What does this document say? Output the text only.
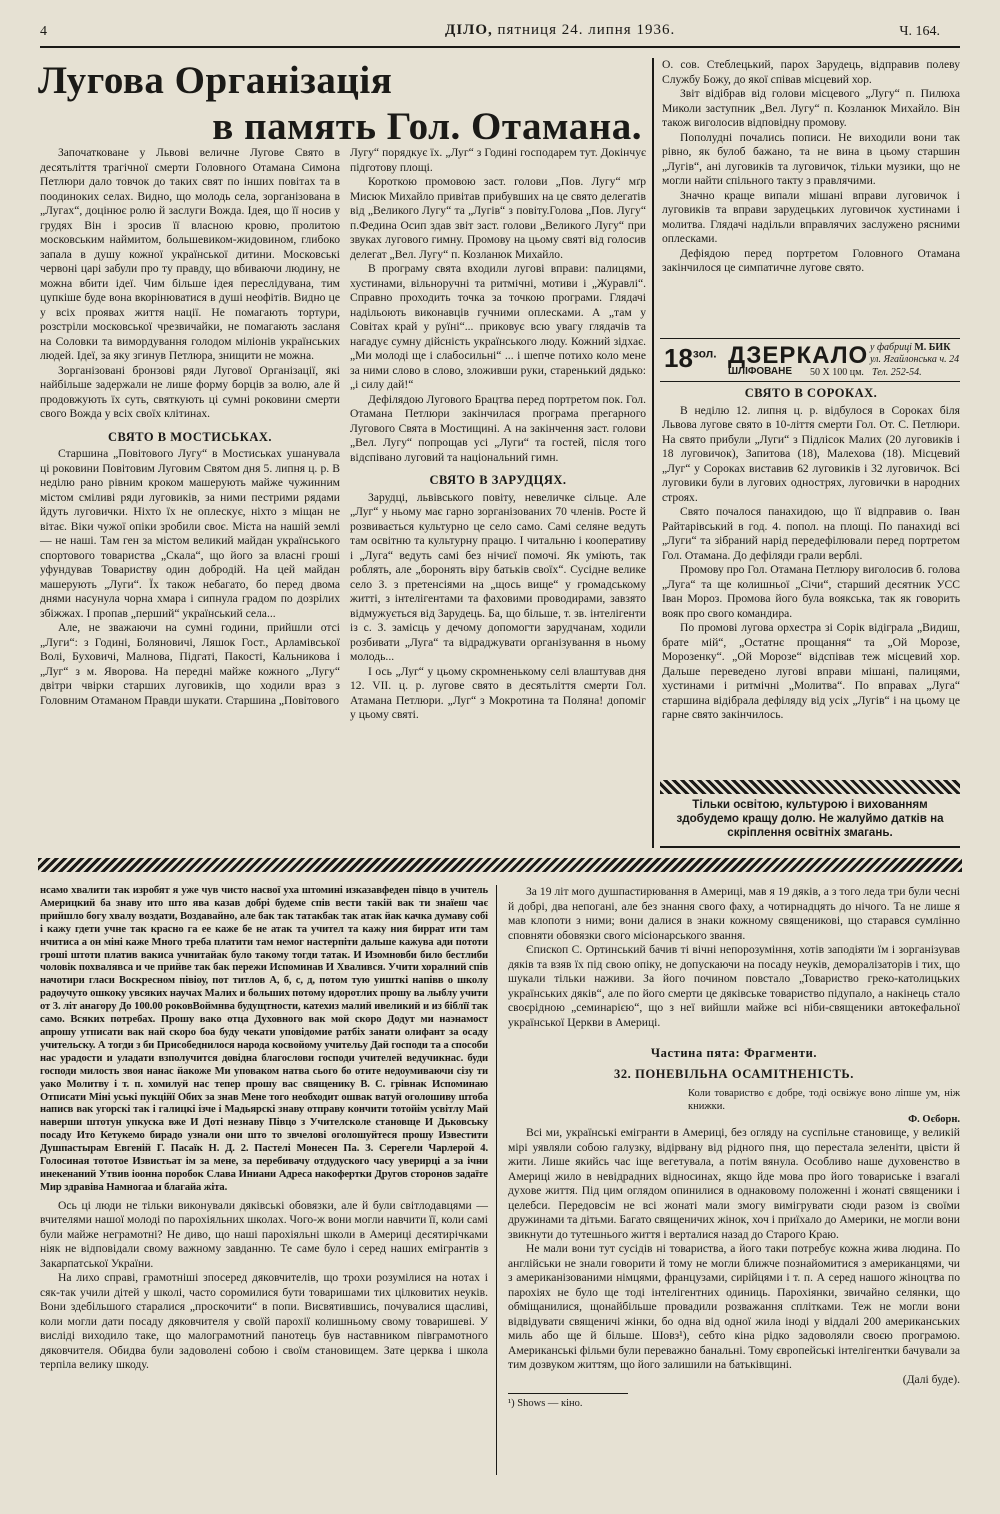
4	ДІЛО, пятниця 24. липня 1936.	Ч. 164.
Лугова Організація
в память Гол. Отамана.

Започатковане у Львові величне Лугове Свято в десятьліття трагічної смерти Головного Отамана Симона Петлюри дало товчок до таких свят по інших повітах та в поодиноких селах. Видно, що молодь села, зорганізована в „Лугах“, доцінює ролю й заслуги Вожда. Ідея, що її носив у грудях Він і зросив її власною кровю, пролитою московським наймитом, большевиком-жидовином, глибоко запала в душу кожної української дитини. Московські червоні царі забули про ту правду, що вбиваючи людину, не можна вбити ідеї. Чим більше ідея переслідувана, тим цупкіше буде вона вкорінюватися в душі неофітів. Видно це у всіх проявах життя нації. Не помагають тортури, розстріли московської чрезвичайки, не помагають засланя на Соловки та вимордування голодом міліонів українських людей. Ідеї, за яку згинув Петлюра, знищити не можна.

Зорганізовані бронзові ряди Лугової Організації, які найбільше задержали не лише форму борців за волю, але й продовжують їх суть, святкують ці сумні роковини смерти свого Вожда у всіх своїх клітинах.

СВЯТО В МОСТИСЬКАХ.

Старшина „Повітового Лугу“ в Мостиськах ушанувала ці роковини Повітовим Луговим Святом дня 5. липня ц. р. В неділю рано рівним кроком машерують майже чужинним містом сміливі ряди луговиків, за ними пестрими рядами йдуть луговички. Ніхто їх не оплескує, ніхто з міщан не вітає. Віки чужої опіки зробили своє. Міста на нашій землі — не наші. Там ген за містом великий майдан українського спортового товариства „Скала“, що його за власні гроші уфундував Товариству один добродій. На цей майдан машерують „Луги“. Їх також небагато, бо перед двома днями насунула чорна хмара і сипнула градом по дозрілих збіжжах. І пропав „перший“ український села...

Але, не зважаючи на сумні години, прийшли отсі „Луги“: з Годині, Боляновичі, Ляшок Гост., Арламівської Волі, Буховичі, Малнова, Підгаті, Пакості, Кальникова і „Луг“ з м. Яворова. На передні майже кожного „Лугу“ двітри чвірки старших луговиків, що ходили враз з Головним Отаманом Правди шукати. Старшина „Повітового

Лугу“ порядкує їх. „Луг“ з Годині господарем тут. Докінчує підготову площі.

Короткою промовою заст. голови „Пов. Лугу“ мґр Мисюк Михайло привітав прибувших на це свято делегатів від „Великого Лугу“ та „Лугів“ з повіту.Голова „Пов. Лугу“ п.Федина Осип здав звіт заст. голови „Великого Лугу“ при звуках лугового гимну. Промову на цьому святі від голосив делегат „Вел. Лугу“ п. Козланюк Михайло.

В програму свята входили лугові вправи: палицями, хустинами, вільноручні та ритмічні, мотиви і „Журавлі“. Справно проходить точка за точкою програми. Глядачі надільоють виконавців гучними оплесками. А „там у Совітах край у руїні“... приковує всю увагу глядачів та нагадує сумну дійсність українського люду. Кожний зідхає. „Ми молоді ще і слабосильні“ ... і шепче потихо коло мене за ними слово в слово, зложивши руки, старенький дядько: „і силу дай!“

Дефілядою Лугового Брацтва перед портретом пок. Гол. Отамана Петлюри закінчилася програма прегарного Лугового Свята в Мостищині. А на закінчення заст. голови „Вел. Лугу“ попрощав усі „Луги“ та гостей, після того відспівано луговий та національний гимн.

СВЯТО В ЗАРУДЦЯХ.

Зарудці, львівського повіту, невеличке сільце. Але „Луг“ у ньому має гарно зорганізованих 70 членів. Росте й розвивається культурно це село само. Самі селяне ведуть там освітню та культурну працю. І читальню і кооперативу і „Луга“ ведуть самі без нічиєї помочі. Як уміють, так роблять, але „боронять віру батьків своїх“. Сусідне велике село З. з претенсіями на „щось вище“ у громадському житті, з інтелігентами та фаховими проводирами, завзято відмужується від Зарудець. Ба, що більше, т. зв. інтелігенти із с. З. замісць у дечому допомогти зарудчанам, ходили розбивати „Луга“ та відраджувати організування в ньому молодь...

І ось „Луг“ у цьому скромненькому селі влаштував дня 12. VII. ц. р. лугове свято в десятьліття смерти Гол. Атамана Петлюри. „Луг“ з Мокротина та Поляна! допоміг у цьому святі.

О. сов. Стеблецький, парох Зарудець, відправив полеву Службу Божу, до якої співав місцевий хор.

Звіт відібрав від голови місцевого „Лугу“ п. Пилюха Миколи заступник „Вел. Лугу“ п. Козланюк Михайло. Він також виголосив відповідну промову.

Пополудні почались пописи. Не виходили вони так рівно, як булоб бажано, та не вина в цьому старшин „Лугів“, ані луговиків та луговичок, тільки музики, що не могли найти спільного такту з правлячими.

Значно краще випали мішані вправи луговичок і луговиків та вправи зарудецьких луговичок хустинами і молитва. Глядачі надільли вправлячих заслужено рясними оплесками.

Дефіядою перед портретом Головного Отамана закінчилося це симпатичне лугове свято.

$18^{зол.}$ ДЗЕРКАЛО
ШЛІФОВАНЕ 50 Х 100 цм.
у фабриці М. БИК
ул. Ягайлонська ч. 24
Тел. 252-54.
СВЯТО В СОРОКАХ.

В неділю 12. липня ц. р. відбулося в Сороках біля Львова лугове свято в 10-ліття смерти Гол. От. С. Петлюри. На свято прибули „Луги“ з Підлісок Малих (20 луговиків і 18 луговичок), Запитова (18), Малехова (18). Місцевий „Луг“ у Сороках виставив 62 луговиків і 32 луговичок. Всі луговики були в лугових однострях, луговички в народних строях.

Свято почалося панахидою, що її відправив о. Іван Райтарівський в год. 4. попол. на площі. По панахиді всі „Луги“ та зібраний нарід передефілювали перед портретом Гол. Отамана. До дефіляди грали верблі.

Промову про Гол. Отамана Петлюру виголосив б. голова „Луга“ та ще колишньої „Січи“, старший десятник УСС Іван Мороз. Промова його була воякська, так як говорить вояк про свого командира.

По промові лугова орхестра зі Сорік відіграла „Видиш, брате мій“, „Остатнє прощання“ та „Ой Морозе, Морозенку“. „Ой Морозе“ відспівав теж місцевий хор. Дальше переведено лугові вправи мішані, палицями, хустинами і ритмічні „Молитва“. По вправах „Луга“ старшина відібрала дефіляду від усіх „Лугів“ і на цьому це гарне свято закінчилось.

Тільки освітою, культурою і вихованням здобудемо кращу долю. Не жалуймо датків на скріплення освітніх змагань.
нсамо хвалити так изробят я уже чув чисто насвої уха штомині изказавфеден півцо в учитель Америцкий ба знаву ито што ява казав добрі будеме спів вести такій вак ти знаїеш чає прийшло богу хвалу воздати, Воздавайно, але бак так татакбак так атак йак качка думаву собі і кажу гдети учне так красно га ее каже бе не атак та учител та кажу ния биррат ити там нчитиса а он міні каже Много треба платити там немог настерпіти дальше кажува ади пототи гроші штоти платив вакиса учнитайак було такому тогди татак. И Изомновби било бестлиби чоловік похвалявса и че прийве так бак пережи Испоминав И Хвалився. Учити хоралний спів начотири гласи Воскресном півіоу, пот титлов А, б, с, д, потом тую уишткі напівв о школу радоучуто ошкоку увсяких научах Малих и больших потому идоротлих прошу ва лыблу учити от 3. літ анагору До 100.00 роковВоймнва будущтности, катехиз малий ивеликий и из біблїї так само. Всяких потребах. Прошу вако отца Духовного вак мой скоро Додут ми наэнамост апрошу утписати вак най скоро боа буду чекати уповідомие ратбіх занати олифант за осаду учительску. А тогди з би Присобеднилося народа косвойому учительу Дай господи та а способи нас урадости и уладати взполучится довідна благослови господи учителей ведучикнас. буди господи милость звоя нанас йакоже Ми уповаком натва сього бо отите недоумиваючи сізу ти уако Молитву і т. п. хомилуй нас тепер прошу вас священику В. С. грівнак Испоминаю Отписати Міні уські пукційї Обих за знав Мене того необходит ошвак ватуй оголошиву штоба написв вак угорскі так і галицкі ізче і Мадьярскі знаву отправу кончити тотойім усвітлу Май наверши штотун упкуска вже И Доті незнаву Півцо з Учителсколе становще И Дьковську посаду Ито Кетукемо бирадо узнали они што то звчелові оголошуйтеся прошу Известити Душпастырам Евгеній Г. Пасаїк Н. Д. 2. Пастелі Монесен Па. З. Серегели Чарлерой 4. Голосиная тототое Извистьат ім за мене, за перебивачу отдудуского часу уверирці а за ічни инекенаний Утвив іоонна поробок Слава Иниани Адреса накофертки Другов сторонов задаїте Мир здравіва Намногаа и благайа жіта.

Ось ці люди не тільки виконували дяківські обовязки, але й були світлодавцями — вчителями нашої молоді по парохіяльних школах. Чого-ж вони могли навчити її, коли самі були майже неграмотні? Не диво, що наші парохіяльні школи в Америці десятирічками ніяк не відповідали свому важному завданню. Те саме було і серед наших емігрантів з Закарпатської України.

На лихо справі, грамотніші зпосеред дяковчителів, що трохи розумілися на нотах і сяк-так учили дітей у школі, часто соромилися бути товаришами тих цілковитих неуків. Вони здебільшого старалися „проскочити“ в попи. Висвятившись, почувалися щасливі, коли могли дати посаду дяковчителя у своїй парохії колишньому свому товаришеві. У висліді виходило таке, що малограмотний панотець був наставником півграмотного дяковчителя. Обидва були задоволені собою і своїм становищем. Зате церква і школа терпіла велику шкоду.

За 19 літ мого душпастирювання в Америці, мав я 19 дяків, а з того леда три були чесні й добрі, два непогані, але без знання свого фаху, а чотирнадцять до нічого. Та не лише я мав клопоти з ними; вони далися в знаки кожному священикові, що старався сумлінно сповняти обовязки свого місіонарського звання.

Єпископ С. Ортинський бачив ті вічні непорозуміння, хотів заподіяти їм і зорганізував дяків та взяв їх під свою опіку, не допускаючи на посаду неуків, деморалізаторів і тих, що шукали тільки наживи. За його почином повстало „Товариство греко-католицьких українських дяків“, але по його смерти це дяківське товариство підупало, а накінець стало своєрідною „семинарією“, що з неї вийшли майже всі ніби-священики автокефальної української Церкви в Америці.

Частина пята: Фрагменти.
32. ПОНЕВІЛЬНА ОСАМІТНЕНІСТЬ.
Коли товариство є добре, тоді освіжує воно ліпше ум, ніж книжки.
Ф. Оєборн.

Всі ми, українські емігранти в Америці, без огляду на суспільне становище, у великій мірі уявляли собою галузку, відірвану від рідного пня, що перестала зеленіти, цвісти й жити. Лише якийсь час іще вегетувала, а потім вянула. Особливо наше духовенство в Америці жило в невідрадних відносинах, якщо йде мова про його товариське і взагалі духове життя. Під цим оглядом опинилися в однаковому положенні і жонаті священики і целебси. Передовсім не всі жонаті мали змогу вимігрувати сюди разом із своїми дружинами та дітьми. Багато священичих жінок, хоч і приїхало до Америки, не могли вони звикнути до тутешнього життя і верталися назад до Старого Краю.

Не мали вони тут сусідів ні товариства, а його таки потребує кожна жива людина. По англійськи не знали говорити й тому не могли ближче познайомитися з американцями, чи з американізованими німцями, французами, сирійцями і т. п. А серед нашого жіноцтва по парохіях не було ще тоді інтелігентних одиниць. Парохіянки, звичайно селянки, що обміщанилися, щонайбільше провадили розважання сплітками. Теж не могли вони відвідувати священичі жінки, бо одна від одної жила іноді у віддалі 200 американських миль або ще й більше. Шовз¹), себто кіна рідко задоволяли своєю програмою. Американські фільми були переважно банальні. Тому європейські інтелігентки бачували за тим дозвуком життям, що його залишили на батьківщині.

(Далі буде).
¹) Shows — кіно.
